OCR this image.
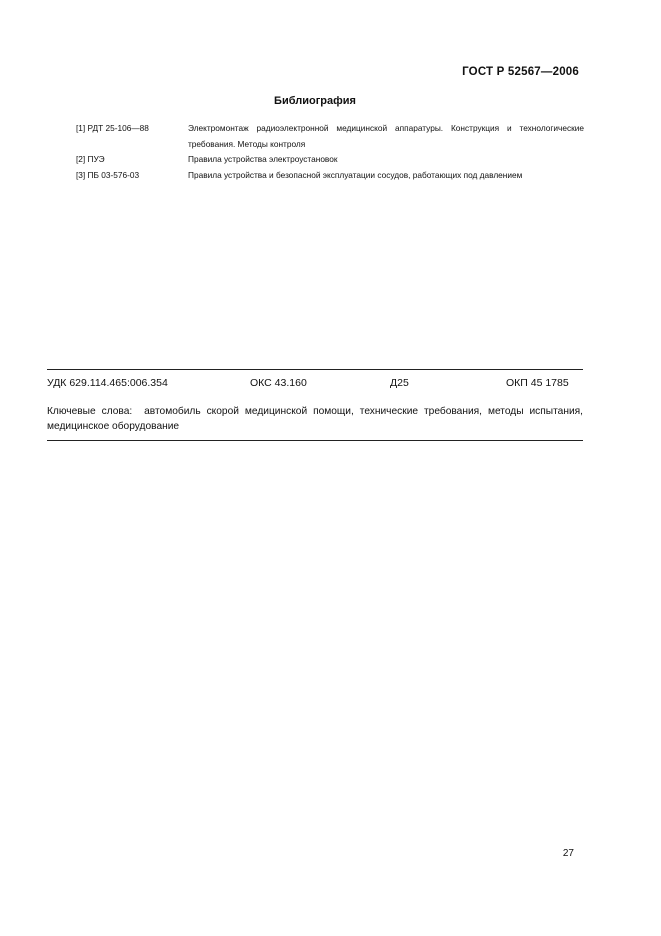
ГОСТ Р 52567—2006
Библиография
[1] РДТ 25-106—88	Электромонтаж радиоэлектронной медицинской аппаратуры. Конструкция и технологические требования. Методы контроля
[2] ПУЭ	Правила устройства электроустановок
[3] ПБ 03-576-03	Правила устройства и безопасной эксплуатации сосудов, работающих под давлением
УДК 629.114.465:006.354	ОКС 43.160	Д25	ОКП 45 1785
Ключевые слова: автомобиль скорой медицинской помощи, технические требования, методы испытания, медицинское оборудование
27
